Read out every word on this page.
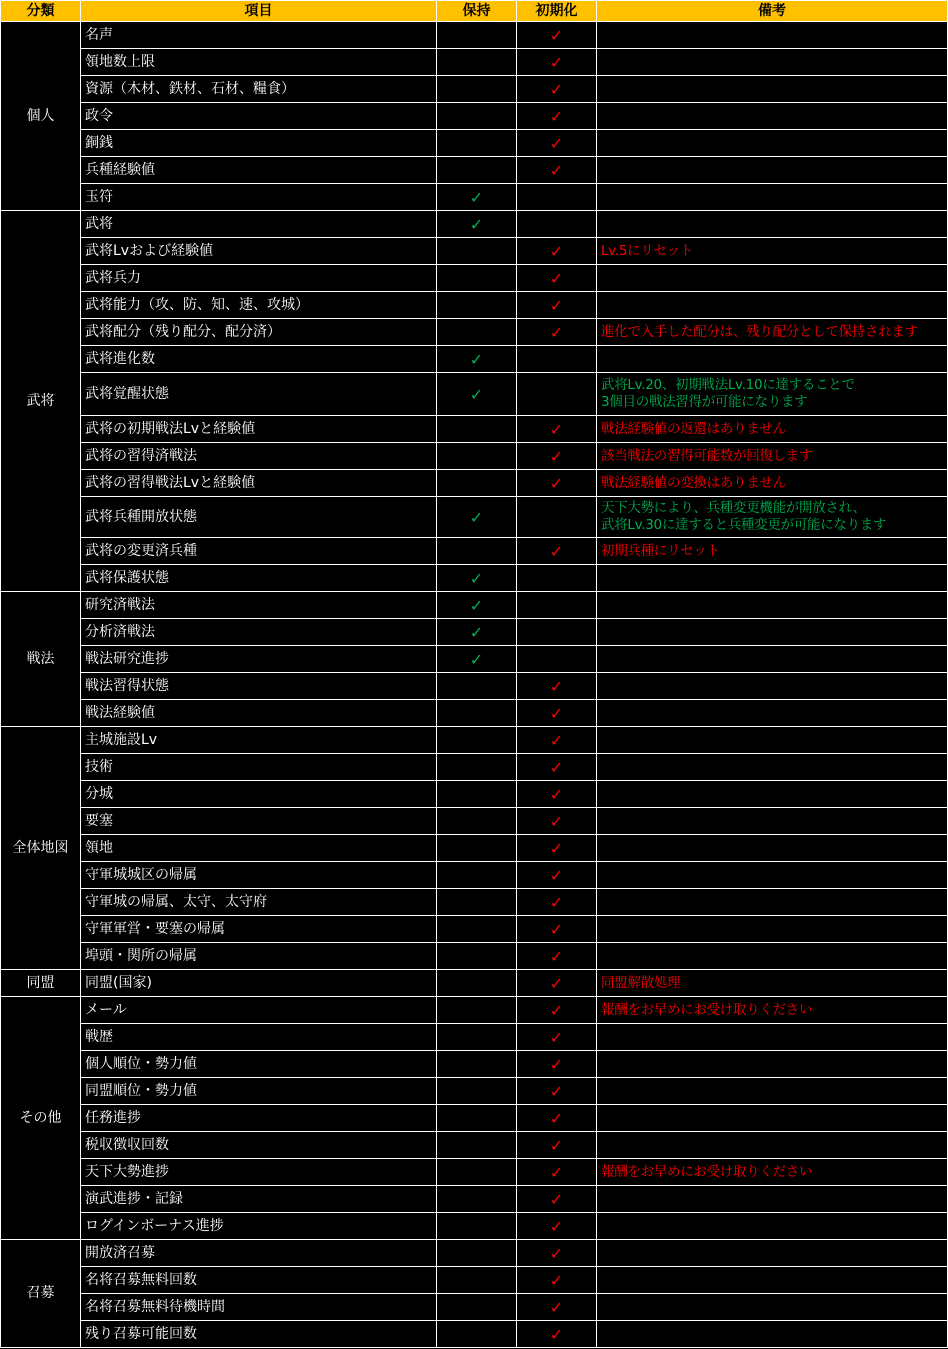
分類	項目	保持	初期化	備考
個人	名声		✓	
	領地数上限		✓	
	資源（木材、鉄材、石材、糧食）		✓	
	政令		✓	
	銅銭		✓	
	兵種経験値		✓	
	玉符	✓		
武将	武将	✓		
	武将Lvおよび経験値		✓	Lv.5にリセット

	武将兵力		✓	
	武将能力（攻、防、知、速、攻城）		✓	
	武将配分（残り配分、配分済）		✓	進化で入手した配分は、残り配分として保持されます

	武将進化数	✓		
	武将覚醒状態	✓		武将Lv.20、初期戦法Lv.10に達することで
3個目の戦法習得が可能になります

	武将の初期戦法Lvと経験値		✓	戦法経験値の返還はありません

	武将の習得済戦法		✓	該当戦法の習得可能数が回復します

	武将の習得戦法Lvと経験値		✓	戦法経験値の変換はありません

	武将兵種開放状態	✓		天下大勢により、兵種変更機能が開放され、
武将Lv.30に達すると兵種変更が可能になります

	武将の変更済兵種		✓	初期兵種にリセット

	武将保護状態	✓		
戦法	研究済戦法	✓		
	分析済戦法	✓		
	戦法研究進捗	✓		
	戦法習得状態		✓	
	戦法経験値		✓	
全体地図	主城施設Lv		✓	
	技術		✓	
	分城		✓	
	要塞		✓	
	領地		✓	
	守軍城城区の帰属		✓	
	守軍城の帰属、太守、太守府		✓	
	守軍軍営・要塞の帰属		✓	
	埠頭・関所の帰属		✓	
同盟	同盟(国家)		✓	同盟解散処理

その他	メール		✓	報酬をお早めにお受け取りください

	戦歴		✓	
	個人順位・勢力値		✓	
	同盟順位・勢力値		✓	
	任務進捗		✓	
	税収徴収回数		✓	
	天下大勢進捗		✓	報酬をお早めにお受け取りください

	演武進捗・記録		✓	
	ログインボーナス進捗		✓	
召募	開放済召募		✓	
	名将召募無料回数		✓	
	名将召募無料待機時間		✓	
	残り召募可能回数		✓	
